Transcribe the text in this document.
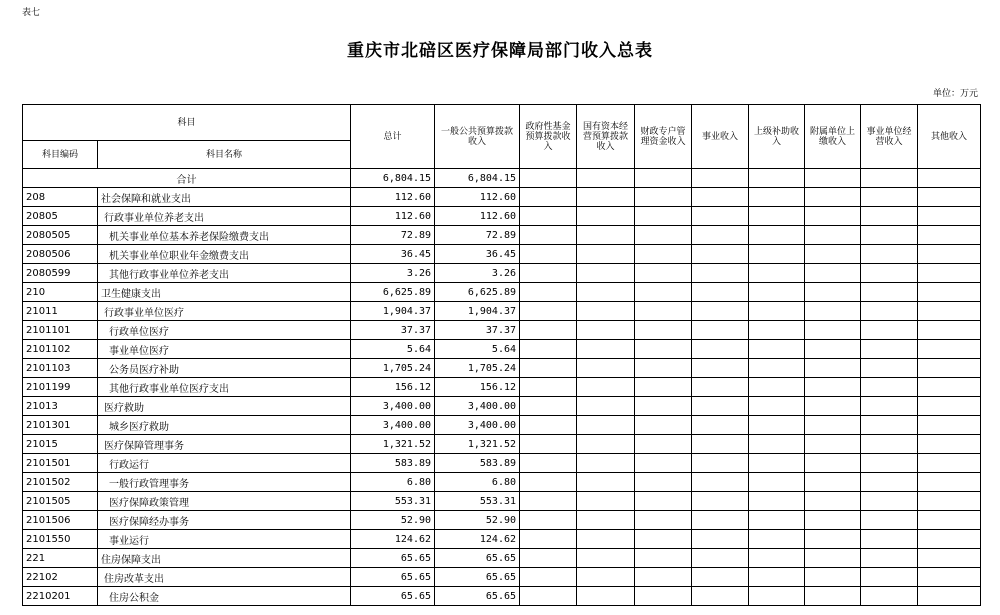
表七
重庆市北碚区医疗保障局部门收入总表
单位：万元
科目		总计	一般公共预算拨款收入	政府性基金预算拨款收入	国有资本经营预算拨款收入	财政专户管理资金收入	事业收入	上级补助收入	附属单位上缴收入	事业单位经营收入	其他收入
科目编码	科目名称										
合计		6,804.15	6,804.15								
208	社会保障和就业支出	112.60	112.60								
20805	行政事业单位养老支出	112.60	112.60								
2080505	机关事业单位基本养老保险缴费支出	72.89	72.89								
2080506	机关事业单位职业年金缴费支出	36.45	36.45								
2080599	其他行政事业单位养老支出	3.26	3.26								
210	卫生健康支出	6,625.89	6,625.89								
21011	行政事业单位医疗	1,904.37	1,904.37								
2101101	行政单位医疗	37.37	37.37								
2101102	事业单位医疗	5.64	5.64								
2101103	公务员医疗补助	1,705.24	1,705.24								
2101199	其他行政事业单位医疗支出	156.12	156.12								
21013	医疗救助	3,400.00	3,400.00								
2101301	城乡医疗救助	3,400.00	3,400.00								
21015	医疗保障管理事务	1,321.52	1,321.52								
2101501	行政运行	583.89	583.89								
2101502	一般行政管理事务	6.80	6.80								
2101505	医疗保障政策管理	553.31	553.31								
2101506	医疗保障经办事务	52.90	52.90								
2101550	事业运行	124.62	124.62								
221	住房保障支出	65.65	65.65								
22102	住房改革支出	65.65	65.65								
2210201	住房公积金	65.65	65.65								
